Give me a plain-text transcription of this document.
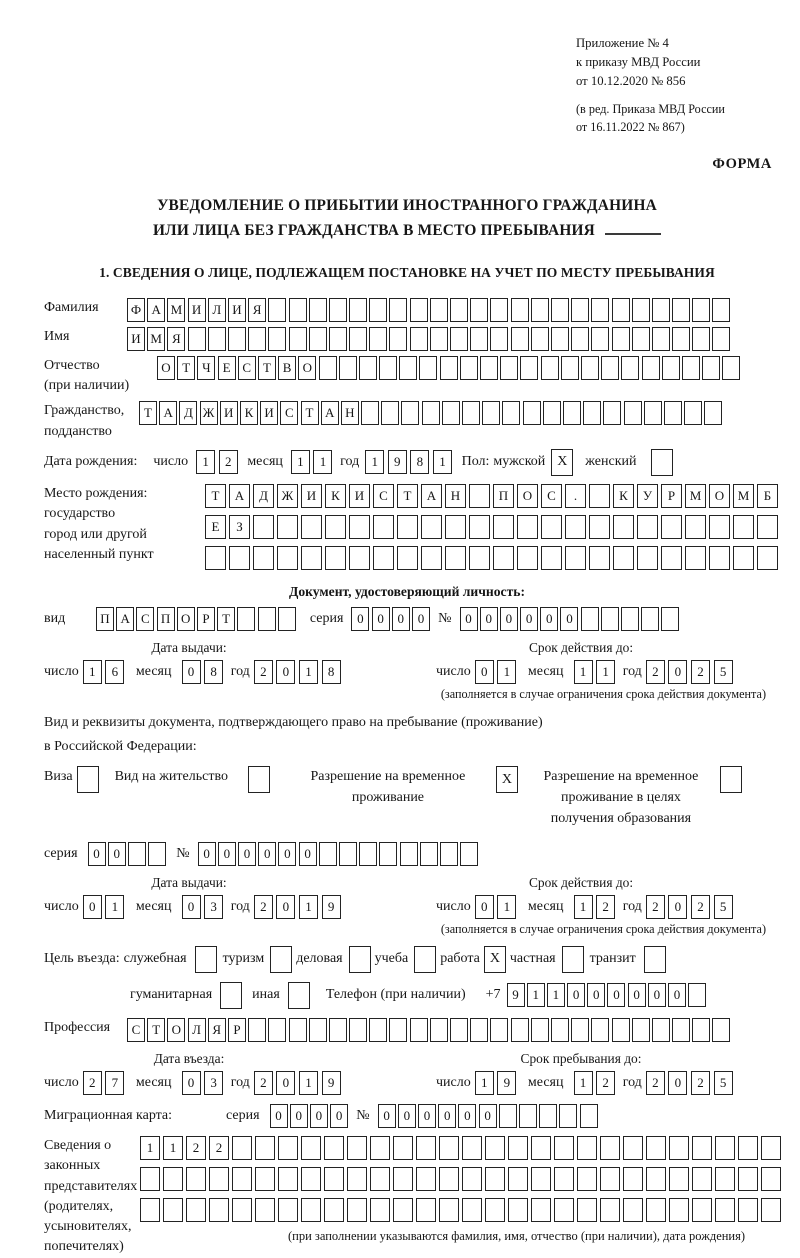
Приложение № 4
к приказу МВД России
от 10.12.2020 № 856
(в ред. Приказа МВД России
от 16.11.2022 № 867)
ФОРМА
УВЕДОМЛЕНИЕ О ПРИБЫТИИ ИНОСТРАННОГО ГРАЖДАНИНА
ИЛИ ЛИЦА БЕЗ ГРАЖДАНСТВА В МЕСТО ПРЕБЫВАНИЯ
1. СВЕДЕНИЯ О ЛИЦЕ, ПОДЛЕЖАЩЕМ ПОСТАНОВКЕ НА УЧЕТ ПО МЕСТУ ПРЕБЫВАНИЯ
Фамилия	Ф А М И Л И Я
Имя	И М Я
Отчество
(при наличии)
О Т Ч Е С Т В О
Гражданство,
подданство
Т А Д Ж И К И С Т А Н
Дата рождения: число	1	2	месяц	1	1 год 1	9	8	1	Пол: мужской X	женский
Место рождения:
государство
город или другой
населенный пункт
Т	А	Д	Ж	И	К	И	С	Т	А	Н	П	О	С	.	К	У	Р	М	О	М	Б
Е	З
Документ, удостоверяющий личность:
вид	П А С П О Р Т	серия	0	0	0	0 №	0	0	0	0	0	0
Дата выдачи:
число 1	6	месяц	0	8 год 2	0	1	8
Срок действия до:
число 0	1	месяц	1	1 год 2	0	2	5
(заполняется в случае ограничения срока действия документа)
Вид и реквизиты документа, подтверждающего право на пребывание (проживание)
в Российской Федерации:
Виза	Вид на жительство	Разрешение на временное проживание
X	Разрешение на временное проживание в целях получения образования
серия	0	0	№	0	0	0	0	0	0
Дата выдачи:
число 0	1	месяц	0	3 год 2	0	1	9
Срок действия до:
число 0	1	месяц	1	2 год 2	0	2	5
(заполняется в случае ограничения срока действия документа)
Цель въезда: служебная	туризм деловая учеба работа X частная транзит
гуманитарная	иная	Телефон (при наличии) +7 9	1	1	0	0	0	0	0	0
Профессия	С Т О Л Я Р
Дата въезда:
число 2	7	месяц	0	3 год 2	0	1	9
Срок пребывания до:
число 1	9	месяц	1	2 год 2	0	2	5
Миграционная карта:	серия	0	0	0	0 №	0	0	0	0	0	0
Сведения о
законных
представителях
(родителях,
усыновителях,
попечителях)
1	1	2	2
(при заполнении указываются фамилия, имя, отчество (при наличии), дата рождения)
